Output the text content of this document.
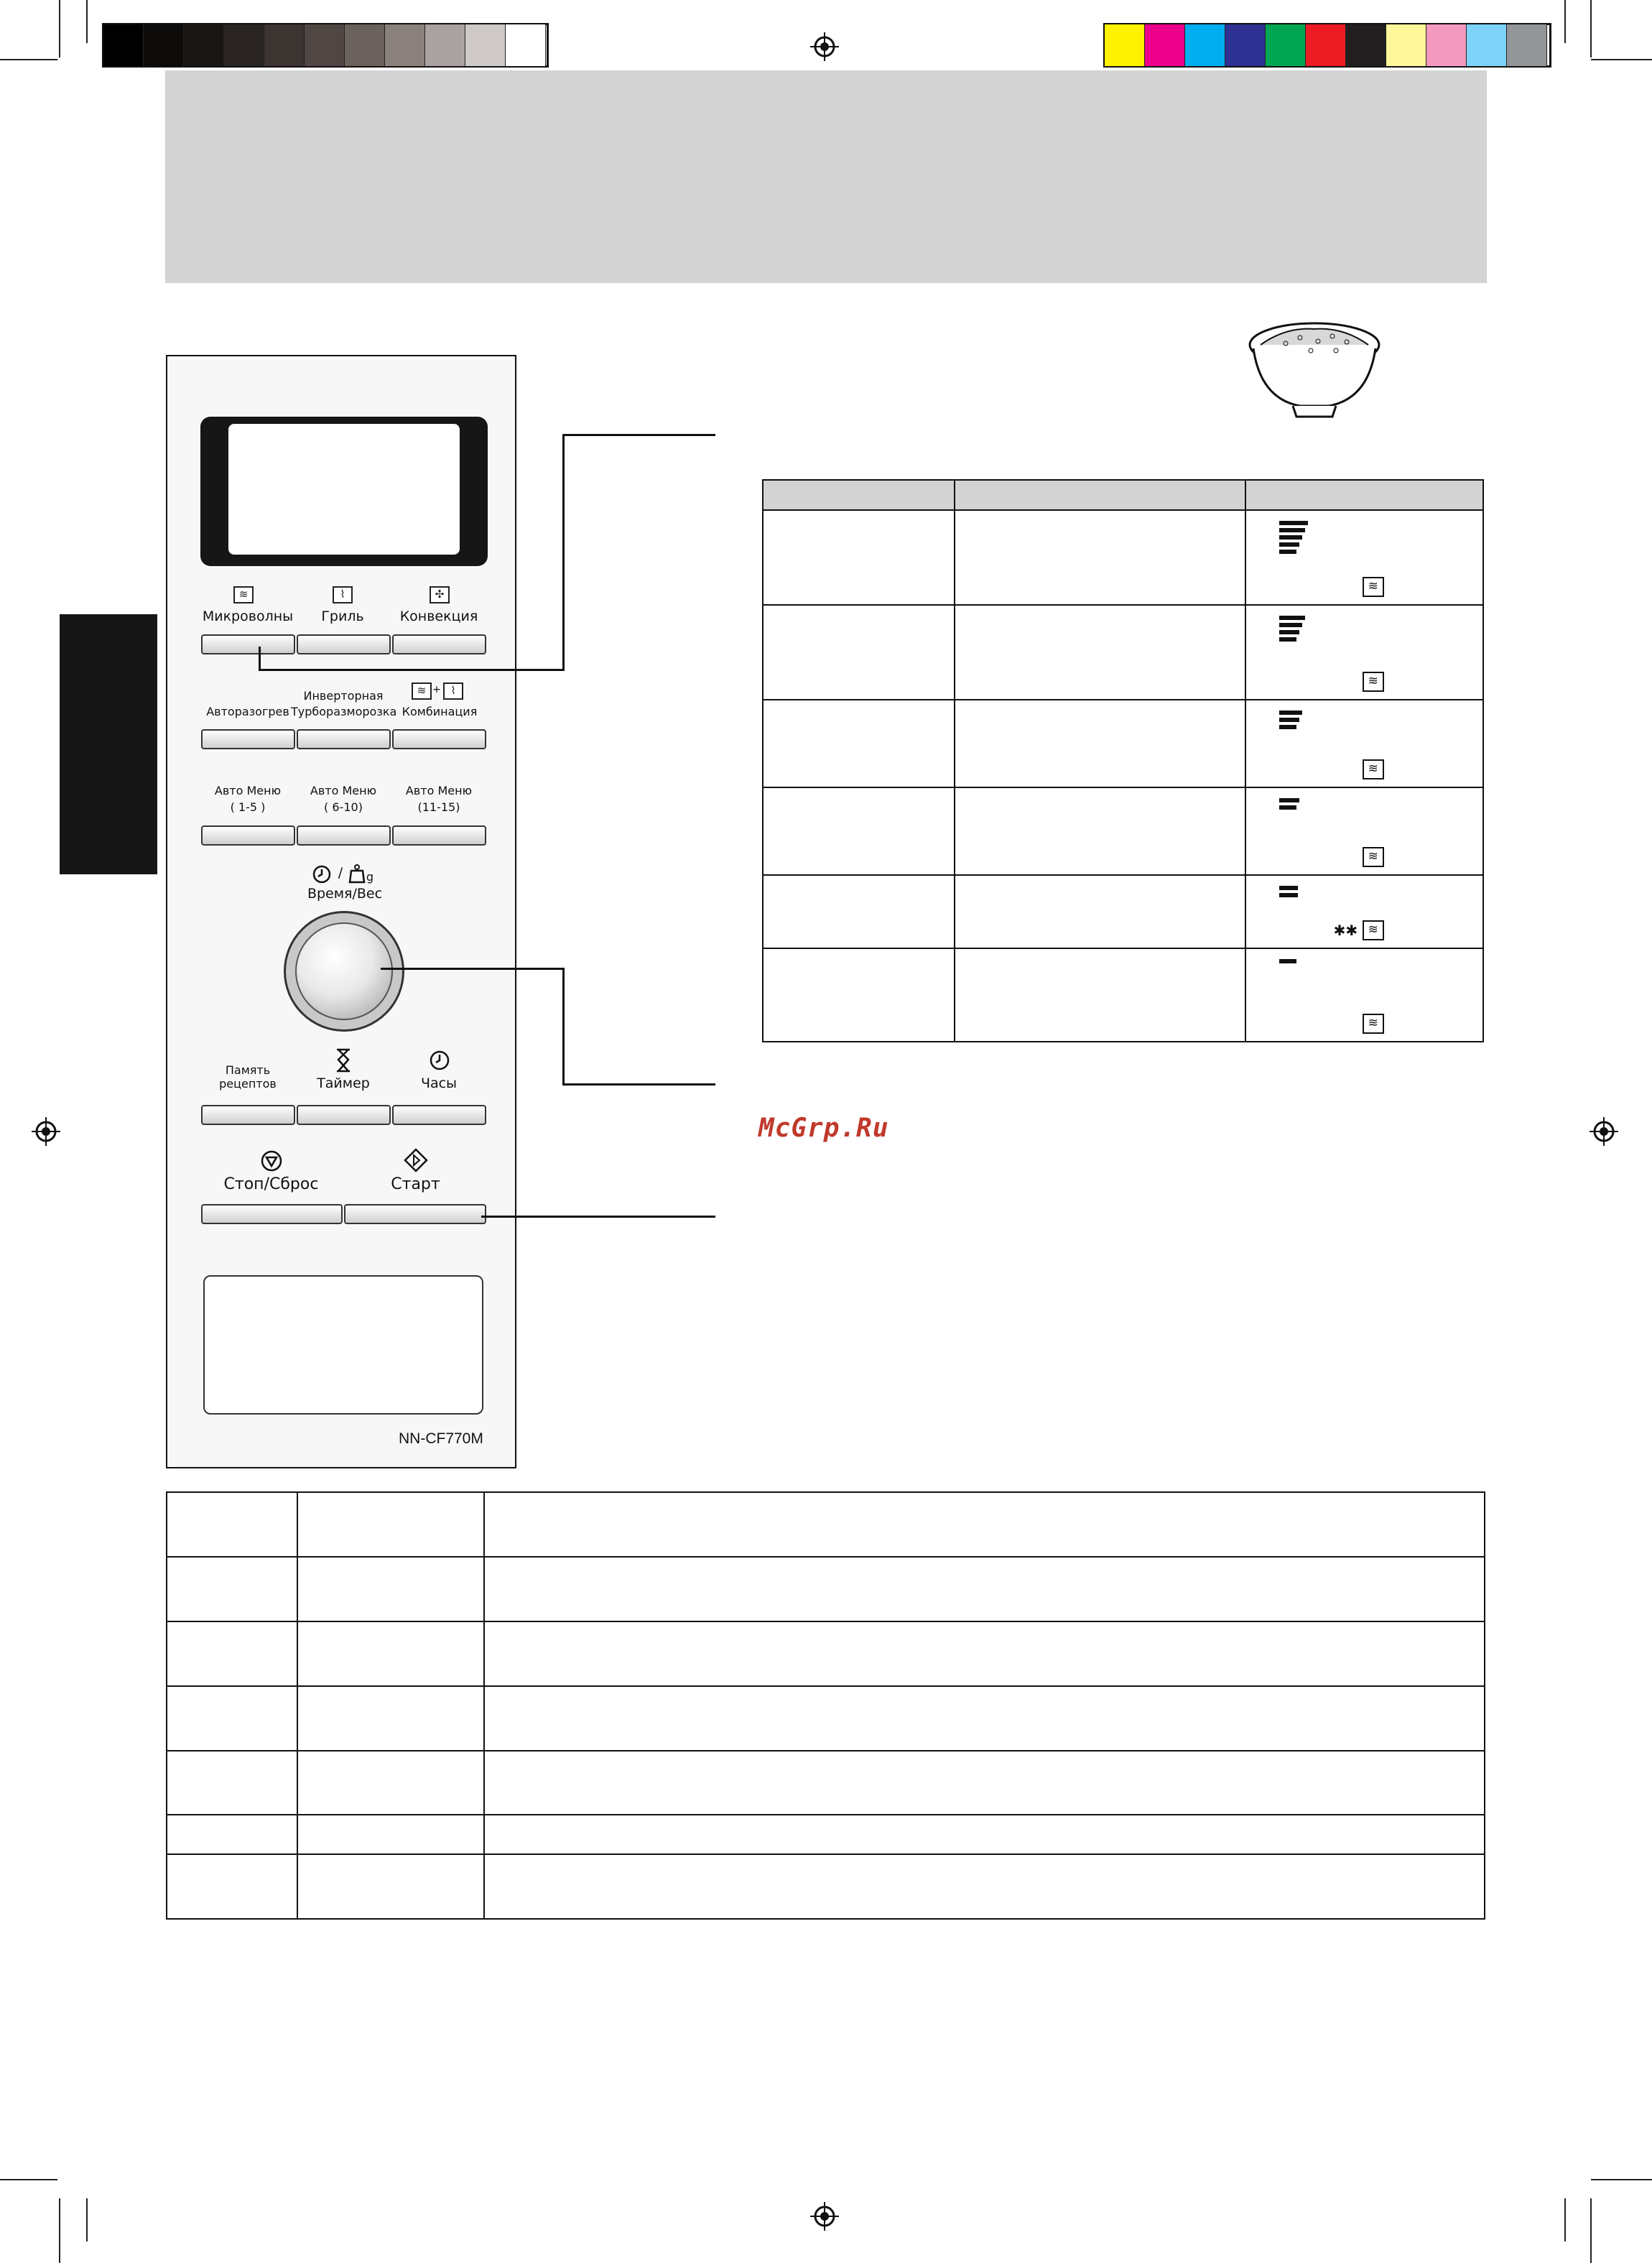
≋	⌇	✣
Микроволны	Гриль	Конвекция
≋ + ⌇
Инверторная
Авторазогрев Турборазморозка Комбинация
Авто Меню	Авто Меню	Авто Меню
( 1-5 )	( 6-10)	(11-15)
/ g
Время/Вес
Память
рецептов	Таймер	Часы
Стоп/Сброс	Старт
NN-CF770M

		≋

		≋

		≋

		≋

		✱✱ ≋

		≋
McGrp.Ru
